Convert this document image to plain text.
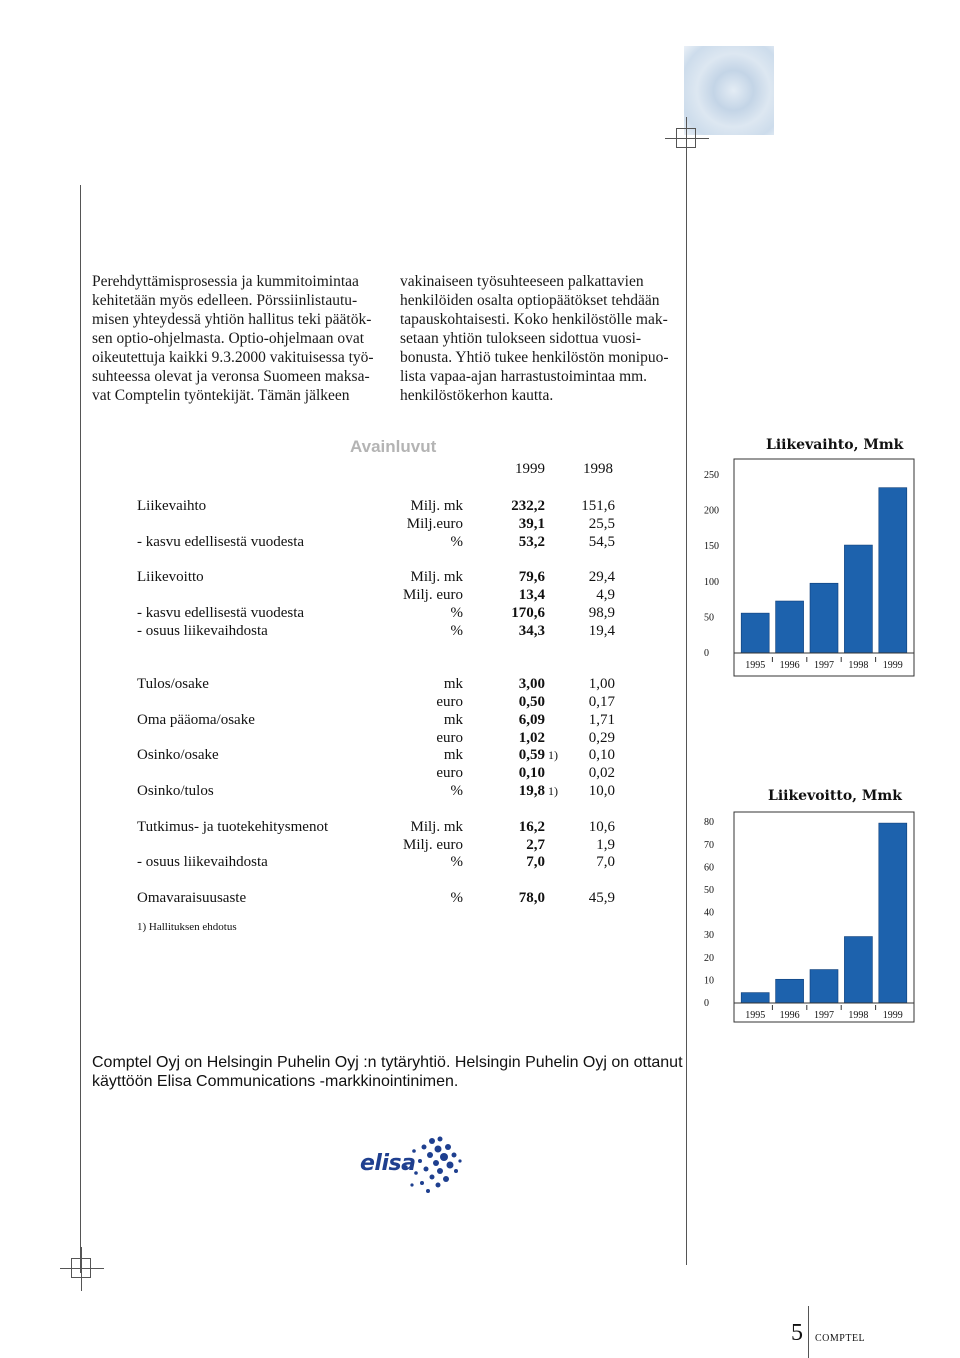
Perehdyttämisprosessia ja kummitoimintaa
kehitetään myös edelleen. Pörssiinlistautu-
misen yhteydessä yhtiön hallitus teki päätök-
sen optio-ohjelmasta. Optio-ohjelmaan ovat
oikeutettuja kaikki 9.3.2000 vakituisessa työ-
suhteessa olevat ja veronsa Suomeen maksa-
vat Comptelin työntekijät. Tämän jälkeen
vakinaiseen työsuhteeseen palkattavien
henkilöiden osalta optiopäätökset tehdään
tapauskohtaisesti. Koko henkilöstölle mak-
setaan yhtiön tulokseen sidottua vuosi-
bonusta. Yhtiö tukee henkilöstön monipuo-
lista vapaa-ajan harrastustoimintaa mm.
henkilöstökerhon kautta.
Avainluvut
1999	1998
Liikevaihto	Milj. mk	232,2 151,6
Milj.euro	39,1	25,5
- kasvu edellisestä vuodesta	%	53,2	54,5
Liikevoitto	Milj. mk	79,6	29,4
Milj. euro	13,4	4,9
- kasvu edellisestä vuodesta	%	170,6	98,9
- osuus liikevaihdosta	%	34,3	19,4
Tulos/osake	mk	3,00	1,00
euro	0,50	0,17
Oma pääoma/osake	mk	6,09	1,71
euro	1,02	0,29
Osinko/osake	mk	0,59 1) 0,10
euro	0,10	0,02
Osinko/tulos	%	19,8 1) 10,0
Tutkimus- ja tuotekehitysmenot	Milj. mk	16,2	10,6
Milj. euro	2,7	1,9
- osuus liikevaihdosta	%	7,0	7,0
Omavaraisuusaste	%	78,0	45,9
1) Hallituksen ehdotus
Liikevaihto, Mmk
0
50
100
150
200
250
1995 1996 1997 1998 1999
Liikevoitto, Mmk
0
10
20
30
40
50
60
70
80
1995 1996 1997 1998 1999
Comptel Oyj on Helsingin Puhelin Oyj :n tytäryhtiö. Helsingin Puhelin Oyj on ottanut
käyttöön Elisa Communications -markkinointinimen.
elisa
5 COMPTEL
